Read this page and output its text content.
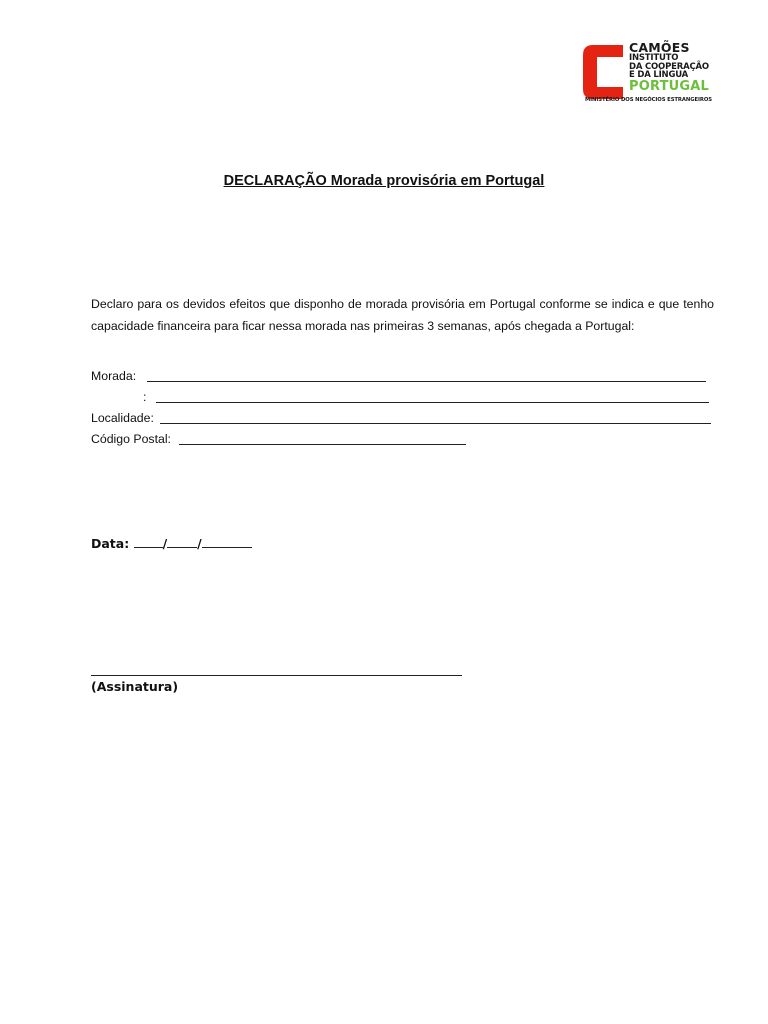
CAMÕES
INSTITUTO
DA COOPERAÇÃO
E DA LÍNGUA
PORTUGAL
MINISTÉRIO DOS NEGÓCIOS ESTRANGEIROS
DECLARAÇÃO Morada provisória em Portugal
Declaro para os devidos efeitos que disponho de morada provisória em Portugal conforme se indica e que tenho capacidade financeira para ficar nessa morada nas primeiras 3 semanas, após chegada a Portugal:
Morada:
:
Localidade:
Código Postal:
Data:	/ /
(Assinatura)
